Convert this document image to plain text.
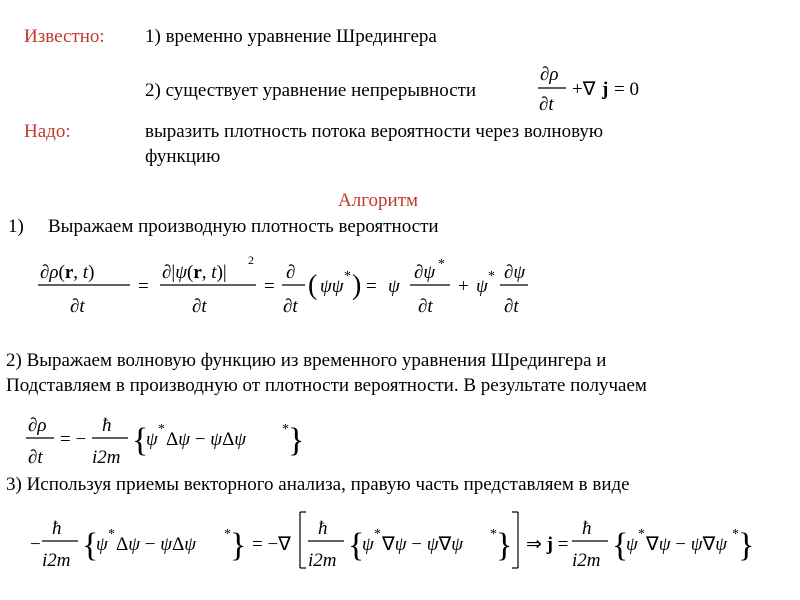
Известно: 1) временно уравнение Шредингера
2) существует уравнение непрерывности
∂ρ
∂t
+∇ j = 0
Надо:	выразить плотность потока вероятности через волновую
функцию
Алгоритм
1) Выражаем производную плотность вероятности
∂ρ(r, t)
∂t
=
∂|ψ(r, t)|
2
∂t
=
∂
∂t
( ψψ * ) = ψ
∂ψ *
∂t
+ ψ * ∂ψ
∂t
2) Выражаем волновую функцию из временного уравнения Шредингера и
Подставляем в производную от плотности вероятности. В результате получаем
∂ρ
∂t
= −
ħ
i2m {
ψ * Δψ − ψΔψ	* }
3) Используя приемы векторного анализа, правую часть представляем в виде
−
ħ
i2m {
ψ * Δψ − ψΔψ * } = −∇
ħ
i2m {
ψ * ∇ψ − ψ∇ψ * } ⇒ j =
ħ
i2m {
ψ * ∇ψ − ψ∇ψ * }
